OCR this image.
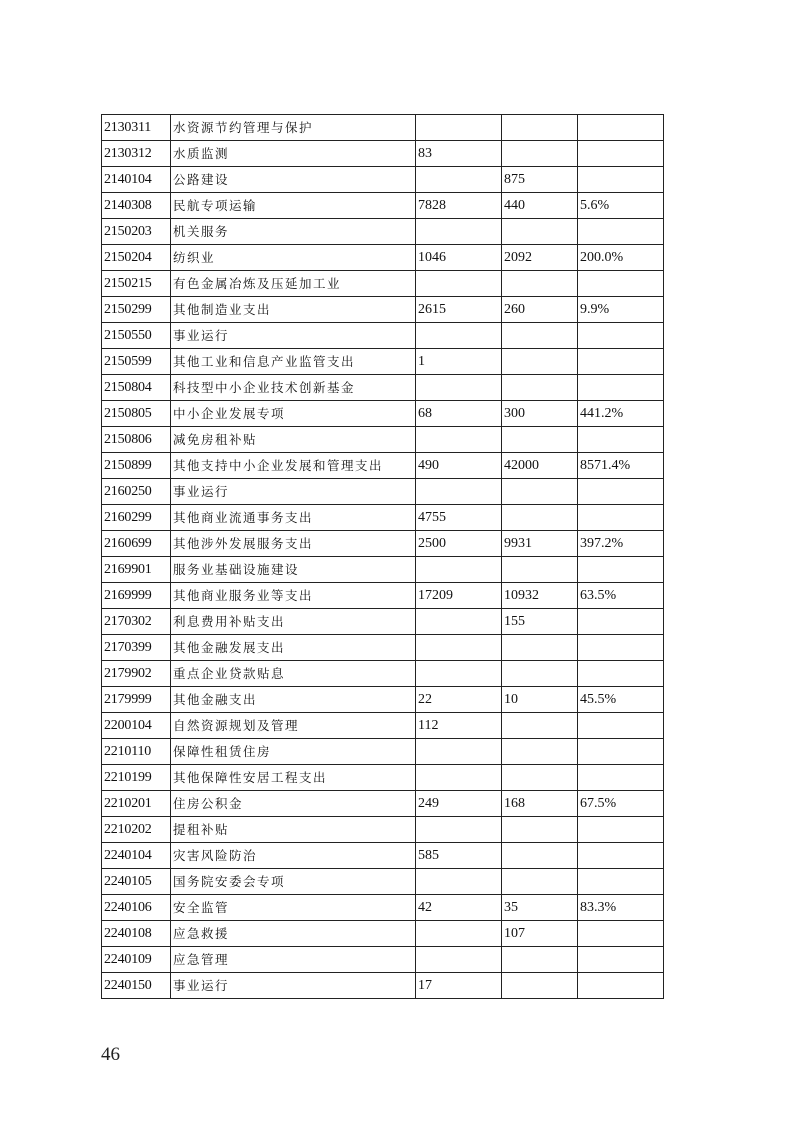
2130311	水资源节约管理与保护			
2130312	水质监测	83		
2140104	公路建设		875	
2140308	民航专项运输	7828	440	5.6%
2150203	机关服务			
2150204	纺织业	1046	2092	200.0%
2150215	有色金属冶炼及压延加工业			
2150299	其他制造业支出	2615	260	9.9%
2150550	事业运行			
2150599	其他工业和信息产业监管支出	1		
2150804	科技型中小企业技术创新基金			
2150805	中小企业发展专项	68	300	441.2%
2150806	减免房租补贴			
2150899	其他支持中小企业发展和管理支出	490	42000	8571.4%
2160250	事业运行			
2160299	其他商业流通事务支出	4755		
2160699	其他涉外发展服务支出	2500	9931	397.2%
2169901	服务业基础设施建设			
2169999	其他商业服务业等支出	17209	10932	63.5%
2170302	利息费用补贴支出		155	
2170399	其他金融发展支出			
2179902	重点企业贷款贴息			
2179999	其他金融支出	22	10	45.5%
2200104	自然资源规划及管理	112		
2210110	保障性租赁住房			
2210199	其他保障性安居工程支出			
2210201	住房公积金	249	168	67.5%
2210202	提租补贴			
2240104	灾害风险防治	585		
2240105	国务院安委会专项			
2240106	安全监管	42	35	83.3%
2240108	应急救援		107	
2240109	应急管理			
2240150	事业运行	17		
46
